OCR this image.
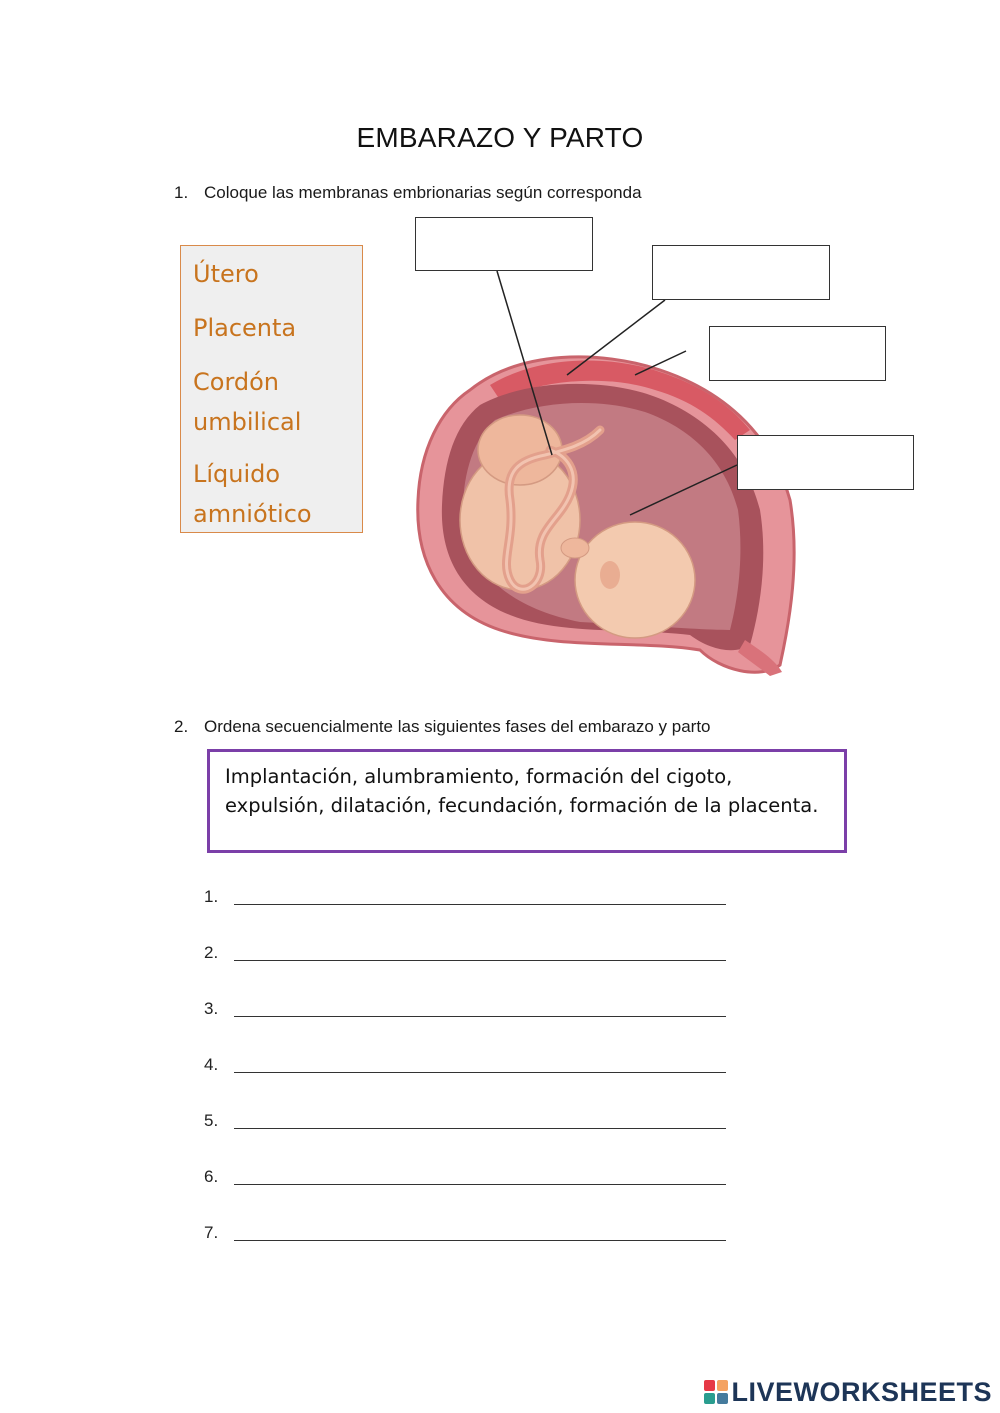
EMBARAZO Y PARTO
1. Coloque las membranas embrionarias según corresponda
Útero
Placenta
Cordón umbilical
Líquido amniótico
2. Ordena secuencialmente las siguientes fases del embarazo y parto
Implantación, alumbramiento, formación del cigoto, expulsión, dilatación, fecundación, formación de la placenta.
1.
2.
3.
4.
5.
6.
7.
LIVEWORKSHEETS
